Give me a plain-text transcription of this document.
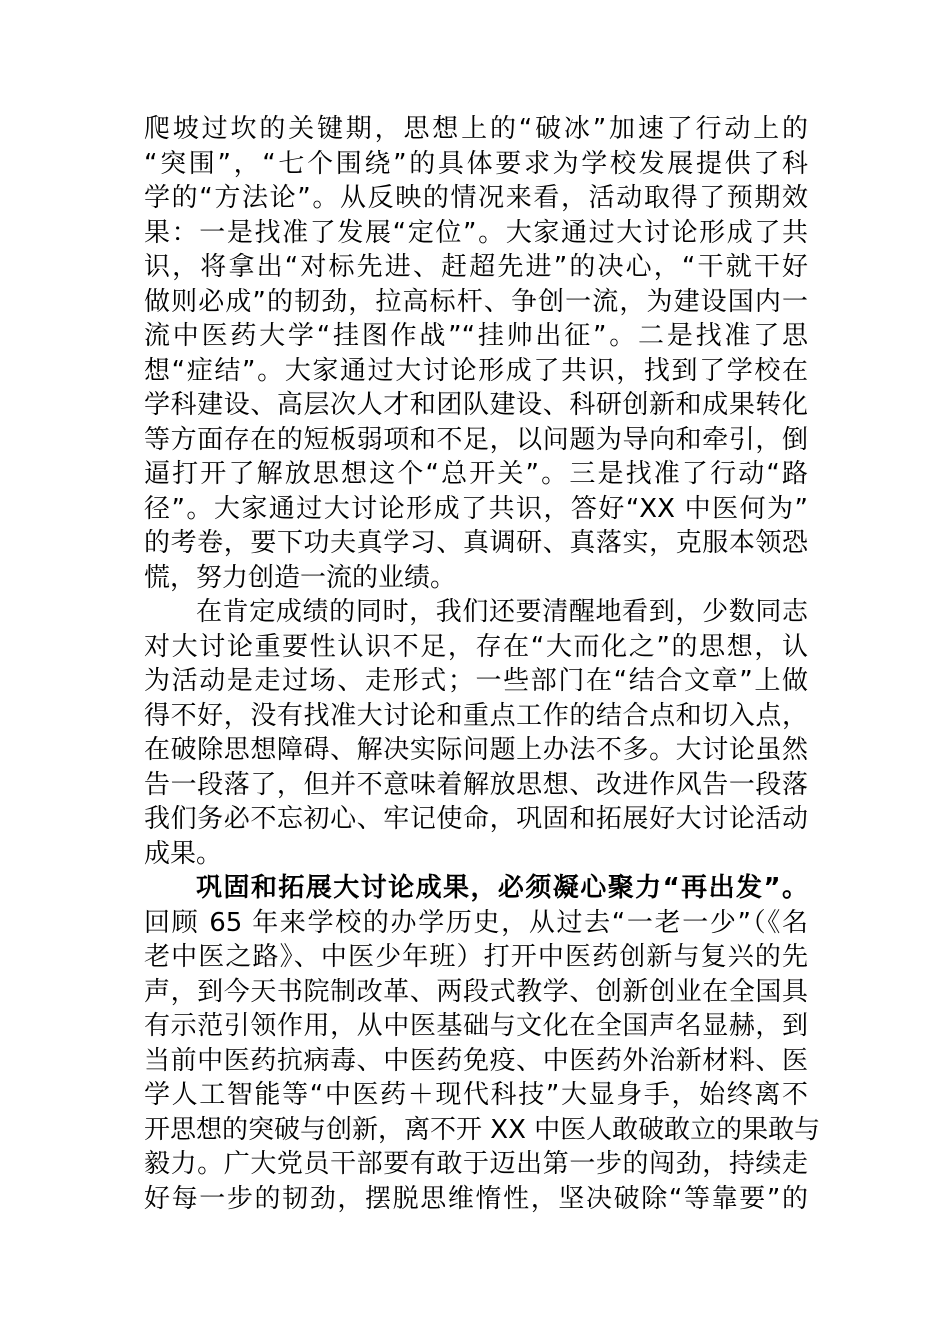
爬坡过坎的关键期，思想上的“破冰”加速了行动上的
“突围”，“七个围绕”的具体要求为学校发展提供了科
学的“方法论”。从反映的情况来看，活动取得了预期效
果：一是找准了发展“定位”。大家通过大讨论形成了共
识，将拿出“对标先进、赶超先进”的决心，“干就干好
做则必成”的韧劲，拉高标杆、争创一流，为建设国内一
流中医药大学“挂图作战”“挂帅出征”。二是找准了思
想“症结”。大家通过大讨论形成了共识，找到了学校在
学科建设、高层次人才和团队建设、科研创新和成果转化
等方面存在的短板弱项和不足，以问题为导向和牵引，倒
逼打开了解放思想这个“总开关”。三是找准了行动“路
径”。大家通过大讨论形成了共识，答好“XX 中医何为”
的考卷，要下功夫真学习、真调研、真落实，克服本领恐
慌，努力创造一流的业绩。
在肯定成绩的同时，我们还要清醒地看到，少数同志
对大讨论重要性认识不足，存在“大而化之”的思想，认
为活动是走过场、走形式；一些部门在“结合文章”上做
得不好，没有找准大讨论和重点工作的结合点和切入点，
在破除思想障碍、解决实际问题上办法不多。大讨论虽然
告一段落了，但并不意味着解放思想、改进作风告一段落
我们务必不忘初心、牢记使命，巩固和拓展好大讨论活动
成果。
巩固和拓展大讨论成果，必须凝心聚力“再出发”。
回顾 65 年来学校的办学历史，从过去“一老一少”（《名
老中医之路》、中医少年班）打开中医药创新与复兴的先
声，到今天书院制改革、两段式教学、创新创业在全国具
有示范引领作用，从中医基础与文化在全国声名显赫，到
当前中医药抗病毒、中医药免疫、中医药外治新材料、医
学人工智能等“中医药＋现代科技”大显身手，始终离不
开思想的突破与创新，离不开 XX 中医人敢破敢立的果敢与
毅力。广大党员干部要有敢于迈出第一步的闯劲，持续走
好每一步的韧劲，摆脱思维惰性，坚决破除“等靠要”的
